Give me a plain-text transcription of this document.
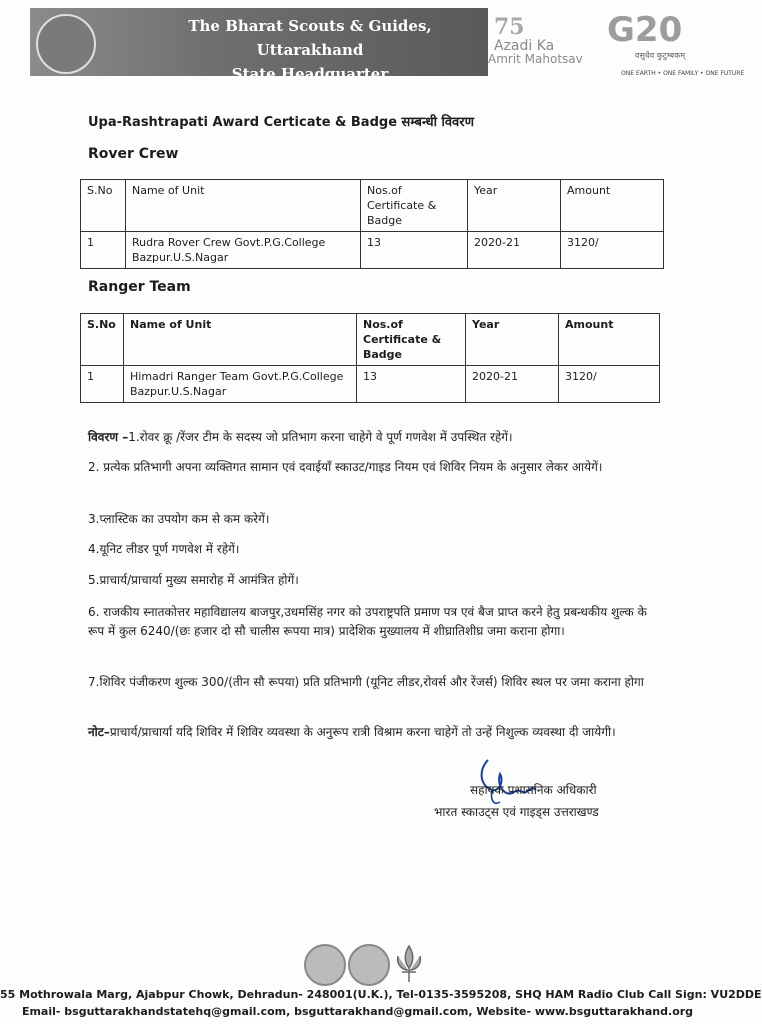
The Bharat Scouts & Guides, Uttarakhand
State Headquarter
75
Azadi Ka
Amrit Mahotsav
G20
वसुधैव कुटुम्बकम्
ONE EARTH • ONE FAMILY • ONE FUTURE
Upa-Rashtrapati Award Certicate & Badge सम्बन्धी विवरण
Rover Crew
S.No	Name of Unit	Nos.of Certificate & Badge	Year	Amount
1	Rudra Rover Crew Govt.P.G.College Bazpur.U.S.Nagar	13	2020-21	3120/
Ranger Team
S.No	Name of Unit	Nos.of Certificate & Badge	Year	Amount
1	Himadri Ranger Team Govt.P.G.College Bazpur.U.S.Nagar	13	2020-21	3120/
विवरण –1.रोवर क्रू /रेंजर टीम के सदस्य जो प्रतिभाग करना चाहेगे वे पूर्ण गणवेश में उपस्थित रहेगें।
2. प्रत्येक प्रतिभागी अपना व्यक्तिगत सामान एवं दवाईयाँ स्काउट/गाइड नियम एवं शिविर नियम के अनुसार लेकर आयेगें।
3.प्लास्टिक का उपयोग कम से कम करेगें।
4.यूनिट लीडर पूर्ण गणवेश में रहेगें।
5.प्राचार्य/प्राचार्या मुख्य समारोह में आमंत्रित होगें।
6. राजकीय स्नातकोत्तर महाविद्यालय बाजपुर,उधमसिंह नगर को उपराष्ट्रपति प्रमाण पत्र एवं बैज प्राप्त करने हेतु प्रबन्धकीय शुल्क के रूप में कुल 6240/(छः हजार दो सौ चालीस रूपया मात्र) प्रादेशिक मुख्यालय में शीघ्रातिशीघ्र जमा कराना होगा।
7.शिविर पंजीकरण शुल्क 300/(तीन सौ रूपया) प्रति प्रतिभागी (यूनिट लीडर,रोवर्स और रेंजर्स) शिविर स्थल पर जमा कराना होगा
नोट–प्राचार्य/प्राचार्या यदि शिविर में शिविर व्यवस्था के अनुरूप रात्री विश्राम करना चाहेगें तो उन्हें निशुल्क व्यवस्था दी जायेगी।
सहायक प्रशासनिक अधिकारी
भारत स्काउट्स एवं गाइड्स उत्तराखण्ड
55 Mothrowala Marg, Ajabpur Chowk, Dehradun- 248001(U.K.), Tel-0135-3595208, SHQ HAM Radio Club Call Sign: VU2DDE
Email- bsguttarakhandstatehq@gmail.com, bsguttarakhand@gmail.com, Website- www.bsguttarakhand.org
